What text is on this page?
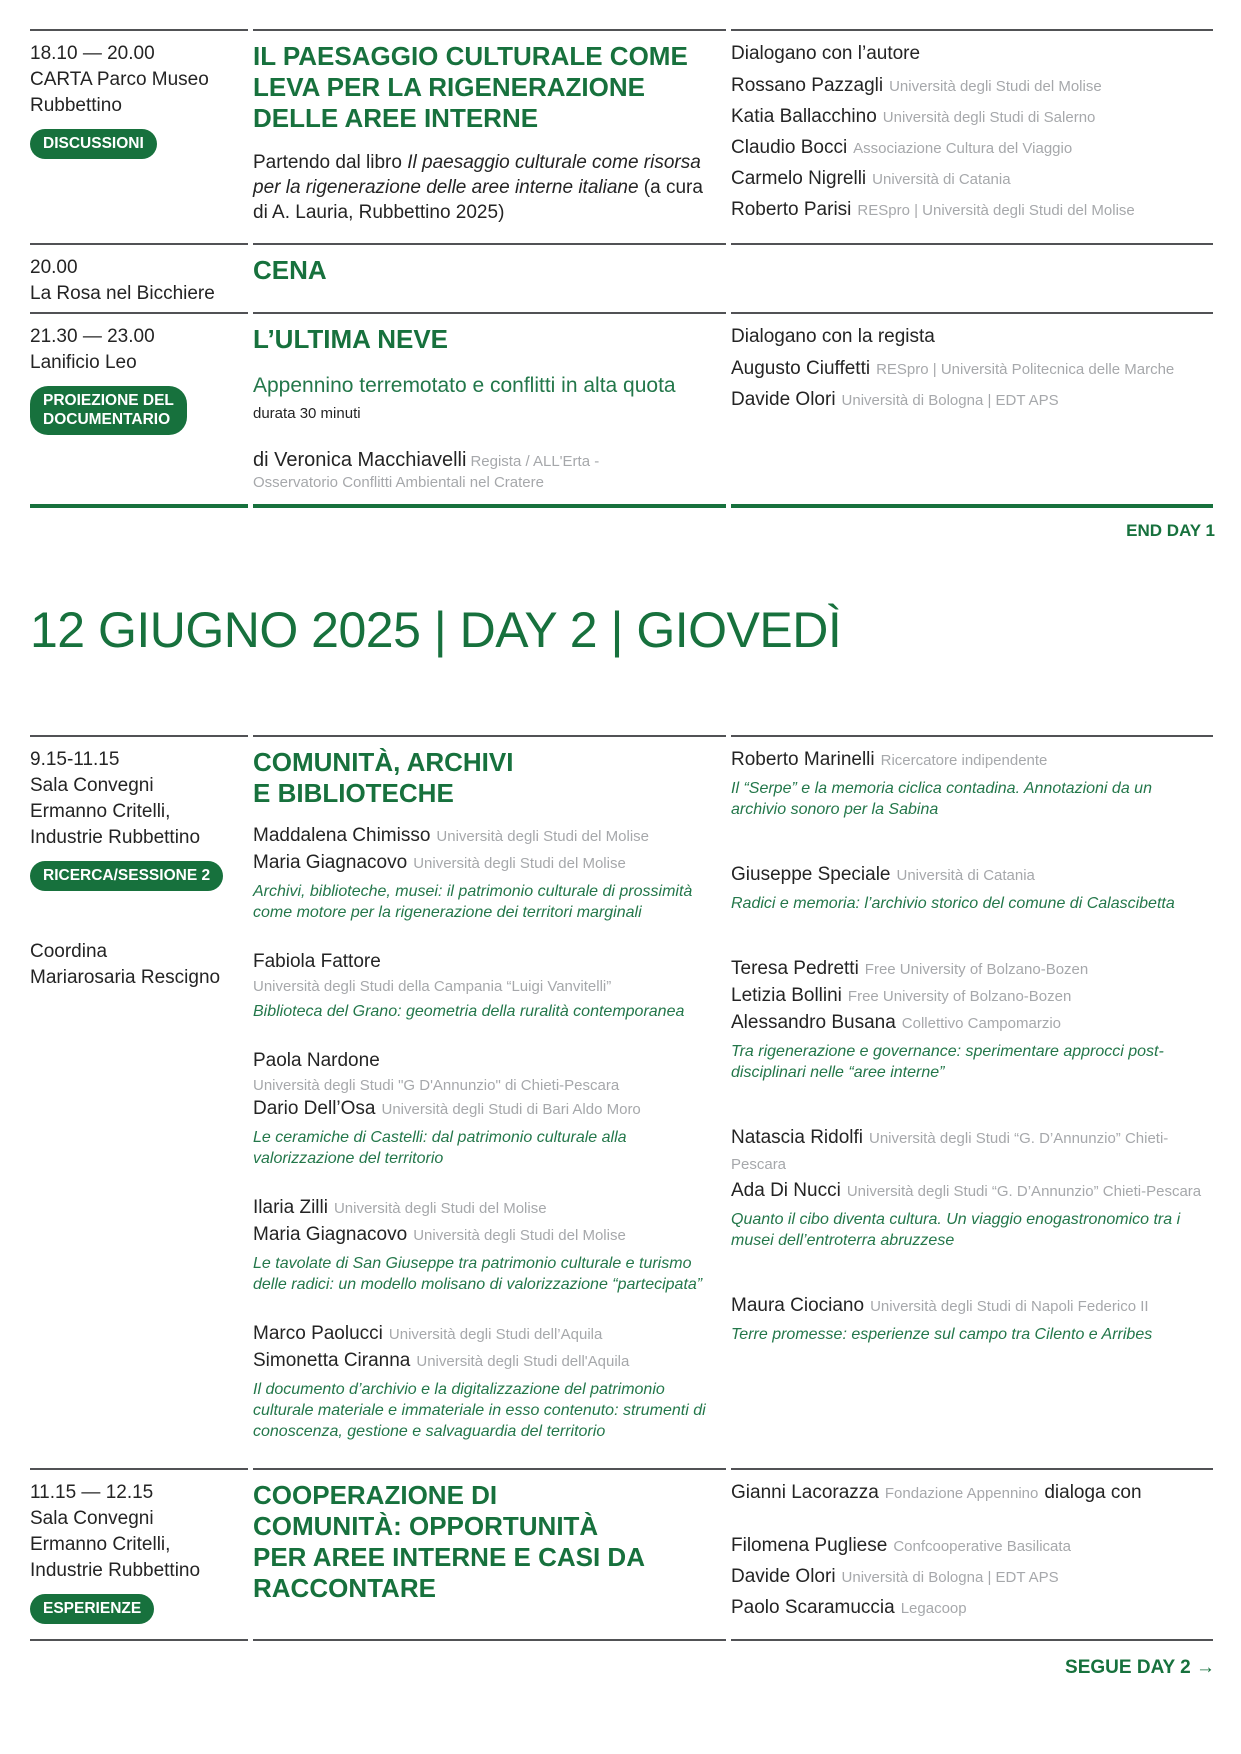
18.10 — 20.00
CARTA Parco Museo
Rubbettino
DISCUSSIONI
IL PAESAGGIO CULTURALE COME
LEVA PER LA RIGENERAZIONE
DELLE AREE INTERNE
Partendo dal libro Il paesaggio culturale come risorsa per la rigenerazione delle aree interne italiane (a cura di A. Lauria, Rubbettino 2025)
Dialogano con l’autore
Rossano Pazzagli Università degli Studi del Molise
Katia Ballacchino Università degli Studi di Salerno
Claudio Bocci Associazione Cultura del Viaggio
Carmelo Nigrelli Università di Catania
Roberto Parisi RESpro | Università degli Studi del Molise
20.00
La Rosa nel Bicchiere
CENA
21.30 — 23.00
Lanificio Leo
PROIEZIONE DEL
DOCUMENTARIO
L’ULTIMA NEVE
Appennino terremotato e conflitti in alta quota
durata 30 minuti
di Veronica Macchiavelli Regista / ALL'Erta - Osservatorio Conflitti Ambientali nel Cratere
Dialogano con la regista
Augusto Ciuffetti RESpro | Università Politecnica delle Marche
Davide Olori Università di Bologna | EDT APS
END DAY 1
12 GIUGNO 2025 | DAY 2 | GIOVEDÌ
9.15-11.15
Sala Convegni
Ermanno Critelli,
Industrie Rubbettino
RICERCA/SESSIONE 2
Coordina
Mariarosaria Rescigno
COMUNITÀ, ARCHIVI
E BIBLIOTECHE
Maddalena Chimisso Università degli Studi del Molise
Maria Giagnacovo Università degli Studi del Molise
Archivi, biblioteche, musei: il patrimonio culturale di prossimità come motore per la rigenerazione dei territori marginali
Fabiola Fattore
Università degli Studi della Campania “Luigi Vanvitelli”
Biblioteca del Grano: geometria della ruralità contemporanea
Paola Nardone
Università degli Studi "G D'Annunzio" di Chieti-Pescara
Dario Dell’Osa Università degli Studi di Bari Aldo Moro
Le ceramiche di Castelli: dal patrimonio culturale alla valorizzazione del territorio
Ilaria Zilli Università degli Studi del Molise
Maria Giagnacovo Università degli Studi del Molise
Le tavolate di San Giuseppe tra patrimonio culturale e turismo delle radici: un modello molisano di valorizzazione “partecipata”
Marco Paolucci Università degli Studi dell’Aquila
Simonetta Ciranna Università degli Studi dell'Aquila
Il documento d’archivio e la digitalizzazione del patrimonio culturale materiale e immateriale in esso contenuto: strumenti di conoscenza, gestione e salvaguardia del territorio
Roberto Marinelli Ricercatore indipendente
Il “Serpe” e la memoria ciclica contadina. Annotazioni da un archivio sonoro per la Sabina
Giuseppe Speciale Università di Catania
Radici e memoria: l’archivio storico del comune di Calascibetta
Teresa Pedretti Free University of Bolzano-Bozen
Letizia Bollini Free University of Bolzano-Bozen
Alessandro Busana Collettivo Campomarzio
Tra rigenerazione e governance: sperimentare approcci post-disciplinari nelle “aree interne”
Natascia Ridolfi Università degli Studi “G. D’Annunzio” Chieti-Pescara
Ada Di Nucci Università degli Studi “G. D’Annunzio” Chieti-Pescara
Quanto il cibo diventa cultura. Un viaggio enogastronomico tra i musei dell’entroterra abruzzese
Maura Ciociano Università degli Studi di Napoli Federico II
Terre promesse: esperienze sul campo tra Cilento e Arribes
11.15 — 12.15
Sala Convegni
Ermanno Critelli,
Industrie Rubbettino
ESPERIENZE
COOPERAZIONE DI
COMUNITÀ: OPPORTUNITÀ
PER AREE INTERNE E CASI DA
RACCONTARE
Gianni Lacorazza Fondazione Appennino dialoga con
Filomena Pugliese Confcooperative Basilicata
Davide Olori Università di Bologna | EDT APS
Paolo Scaramuccia Legacoop
SEGUE DAY 2 →
